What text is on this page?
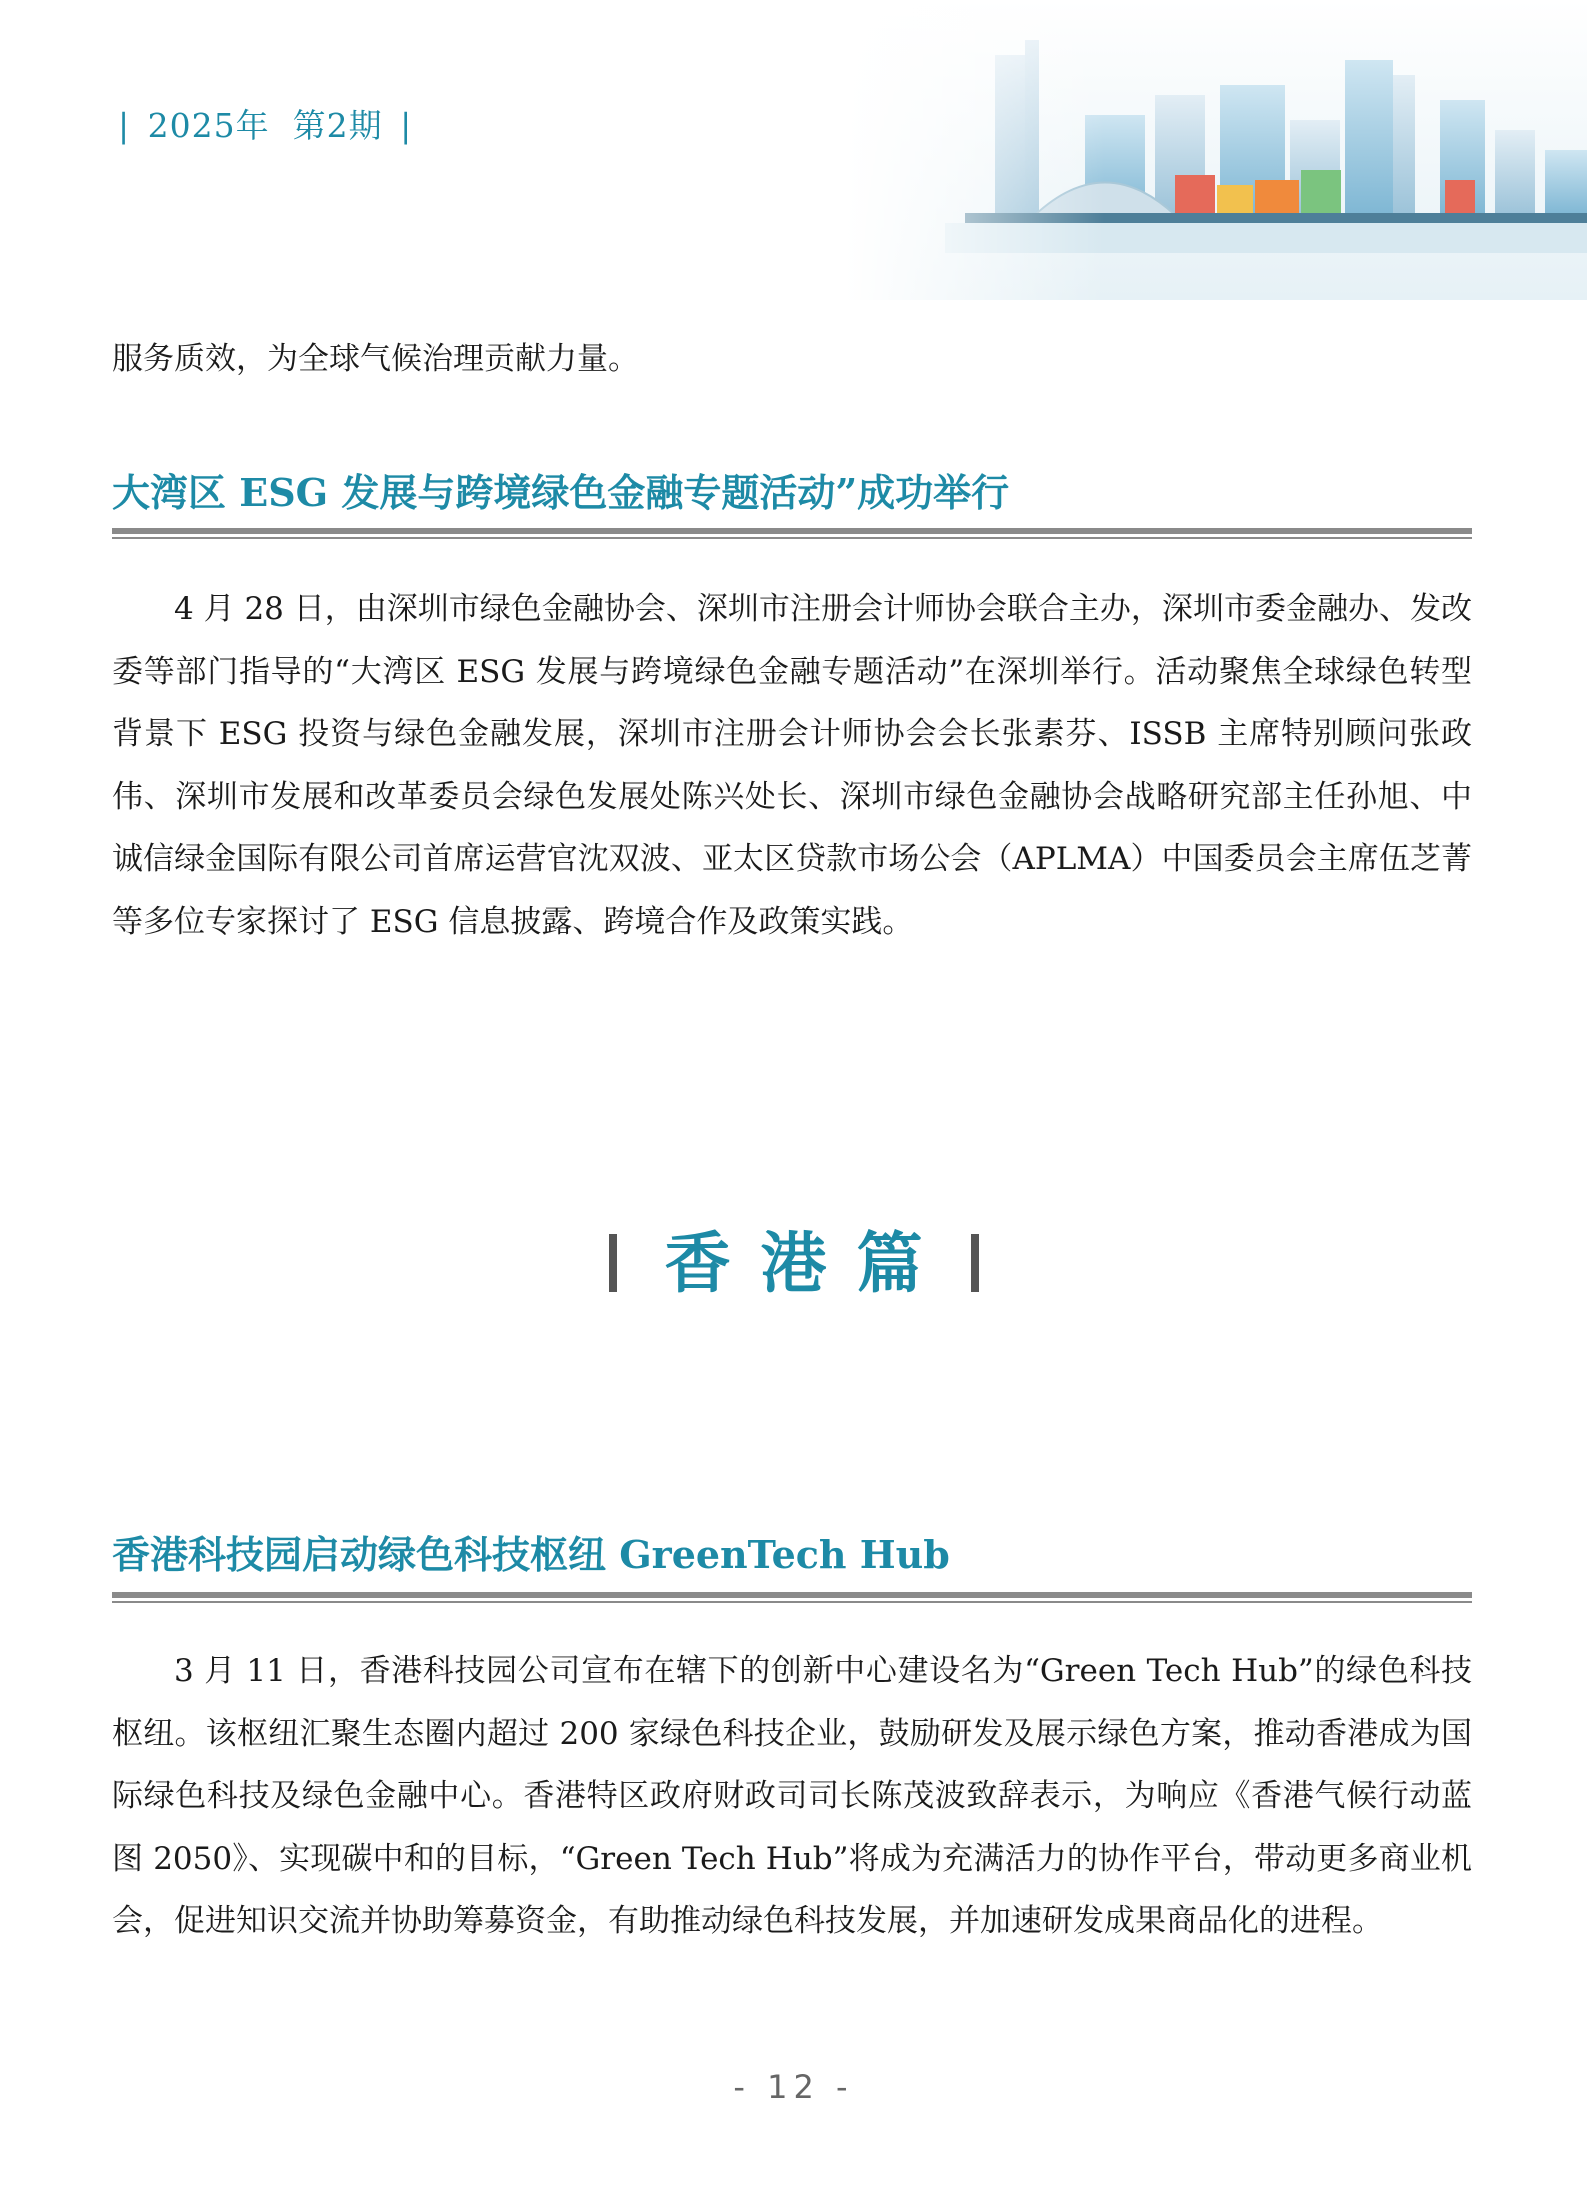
| 2025年  第2期 |

服务质效，为全球气候治理贡献力量。

大湾区 ESG 发展与跨境绿色金融专题活动”成功举行

4 月 28 日，由深圳市绿色金融协会、深圳市注册会计师协会联合主办，深圳市委金融办、发改委等部门指导的“大湾区 ESG 发展与跨境绿色金融专题活动”在深圳举行。活动聚焦全球绿色转型背景下 ESG 投资与绿色金融发展，深圳市注册会计师协会会长张素芬、ISSB 主席特别顾问张政伟、深圳市发展和改革委员会绿色发展处陈兴处长、深圳市绿色金融协会战略研究部主任孙旭、中诚信绿金国际有限公司首席运营官沈双波、亚太区贷款市场公会（APLMA）中国委员会主席伍芝菁等多位专家探讨了 ESG 信息披露、跨境合作及政策实践。

香港篇
香港科技园启动绿色科技枢纽 GreenTech Hub

3 月 11 日，香港科技园公司宣布在辖下的创新中心建设名为“Green Tech Hub”的绿色科技枢纽。该枢纽汇聚生态圈内超过 200 家绿色科技企业，鼓励研发及展示绿色方案，推动香港成为国际绿色科技及绿色金融中心。香港特区政府财政司司长陈茂波致辞表示，为响应《香港气候行动蓝图 2050》、实现碳中和的目标，“Green Tech Hub”将成为充满活力的协作平台，带动更多商业机会，促进知识交流并协助筹募资金，有助推动绿色科技发展，并加速研发成果商品化的进程。

- 12 -
